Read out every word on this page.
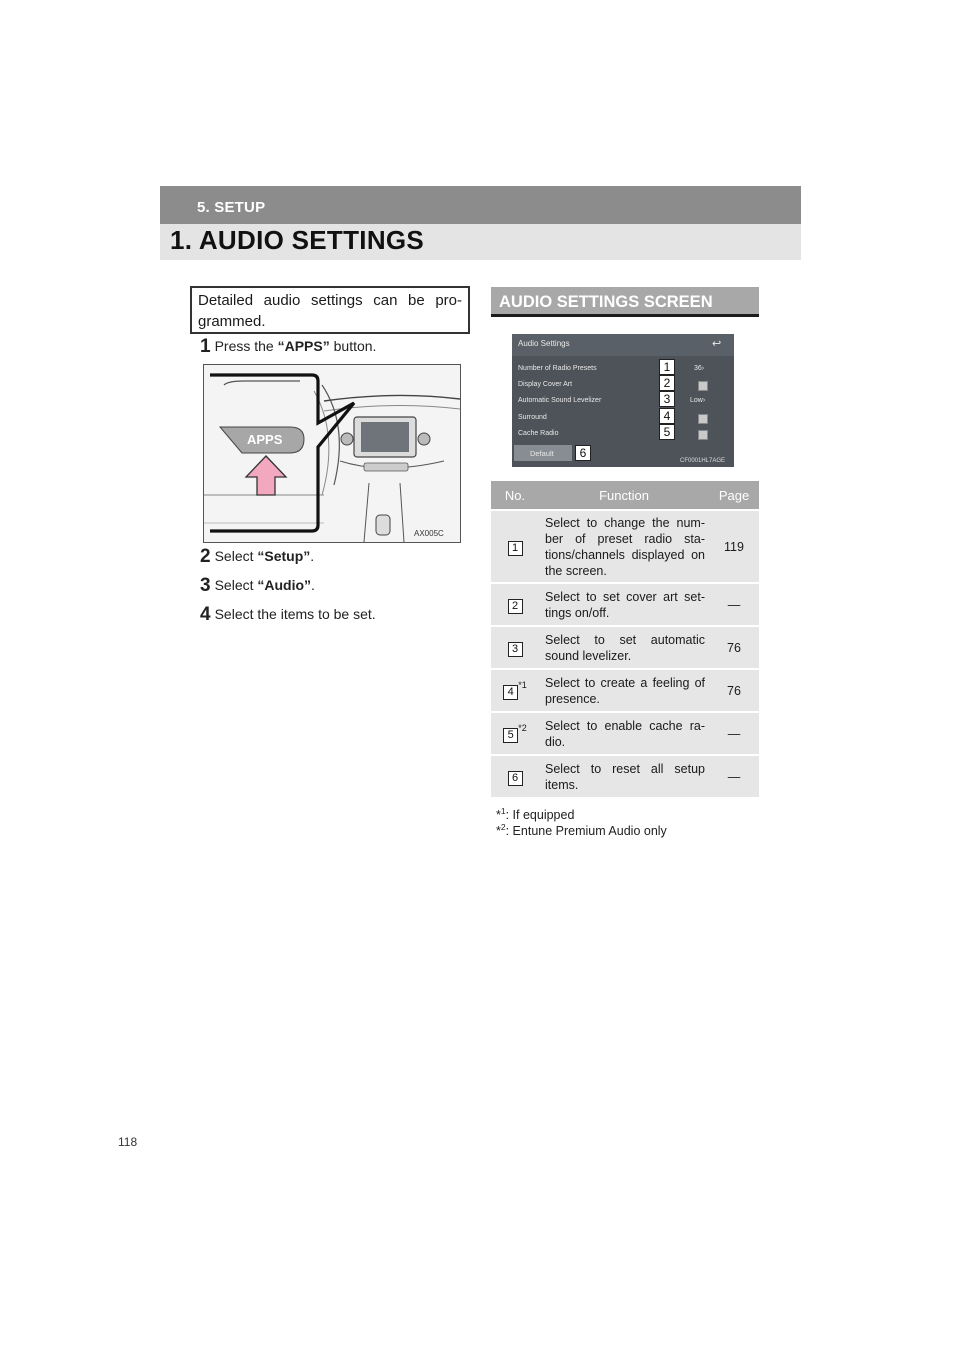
5. SETUP
1. AUDIO SETTINGS
Detailed audio settings can be pro-grammed.
1 Press the “APPS” button.
APPS
AX005C
2 Select “Setup”.
3 Select “Audio”.
4 Select the items to be set.
AUDIO SETTINGS SCREEN
Audio Settings	↩
Number of Radio Presets	36›
1
Display Cover Art	2
Automatic Sound Levelizer	Low›
3
Surround	4
Cache Radio	5
Default	6
CF0001HL7AGE
No.	Function	Page
1	Select to change the num-ber of preset radio sta-tions/channels displayed on the screen.	119
2	Select to set cover art set-tings on/off.	—
3	Select to set automatic sound levelizer.	76
4$^{*1}$	Select to create a feeling of presence.	76
5$^{*2}$	Select to enable cache ra-dio.	—
6	Select to reset all setup items.	—
*$^1$: If equipped
*$^2$: Entune Premium Audio only
118
